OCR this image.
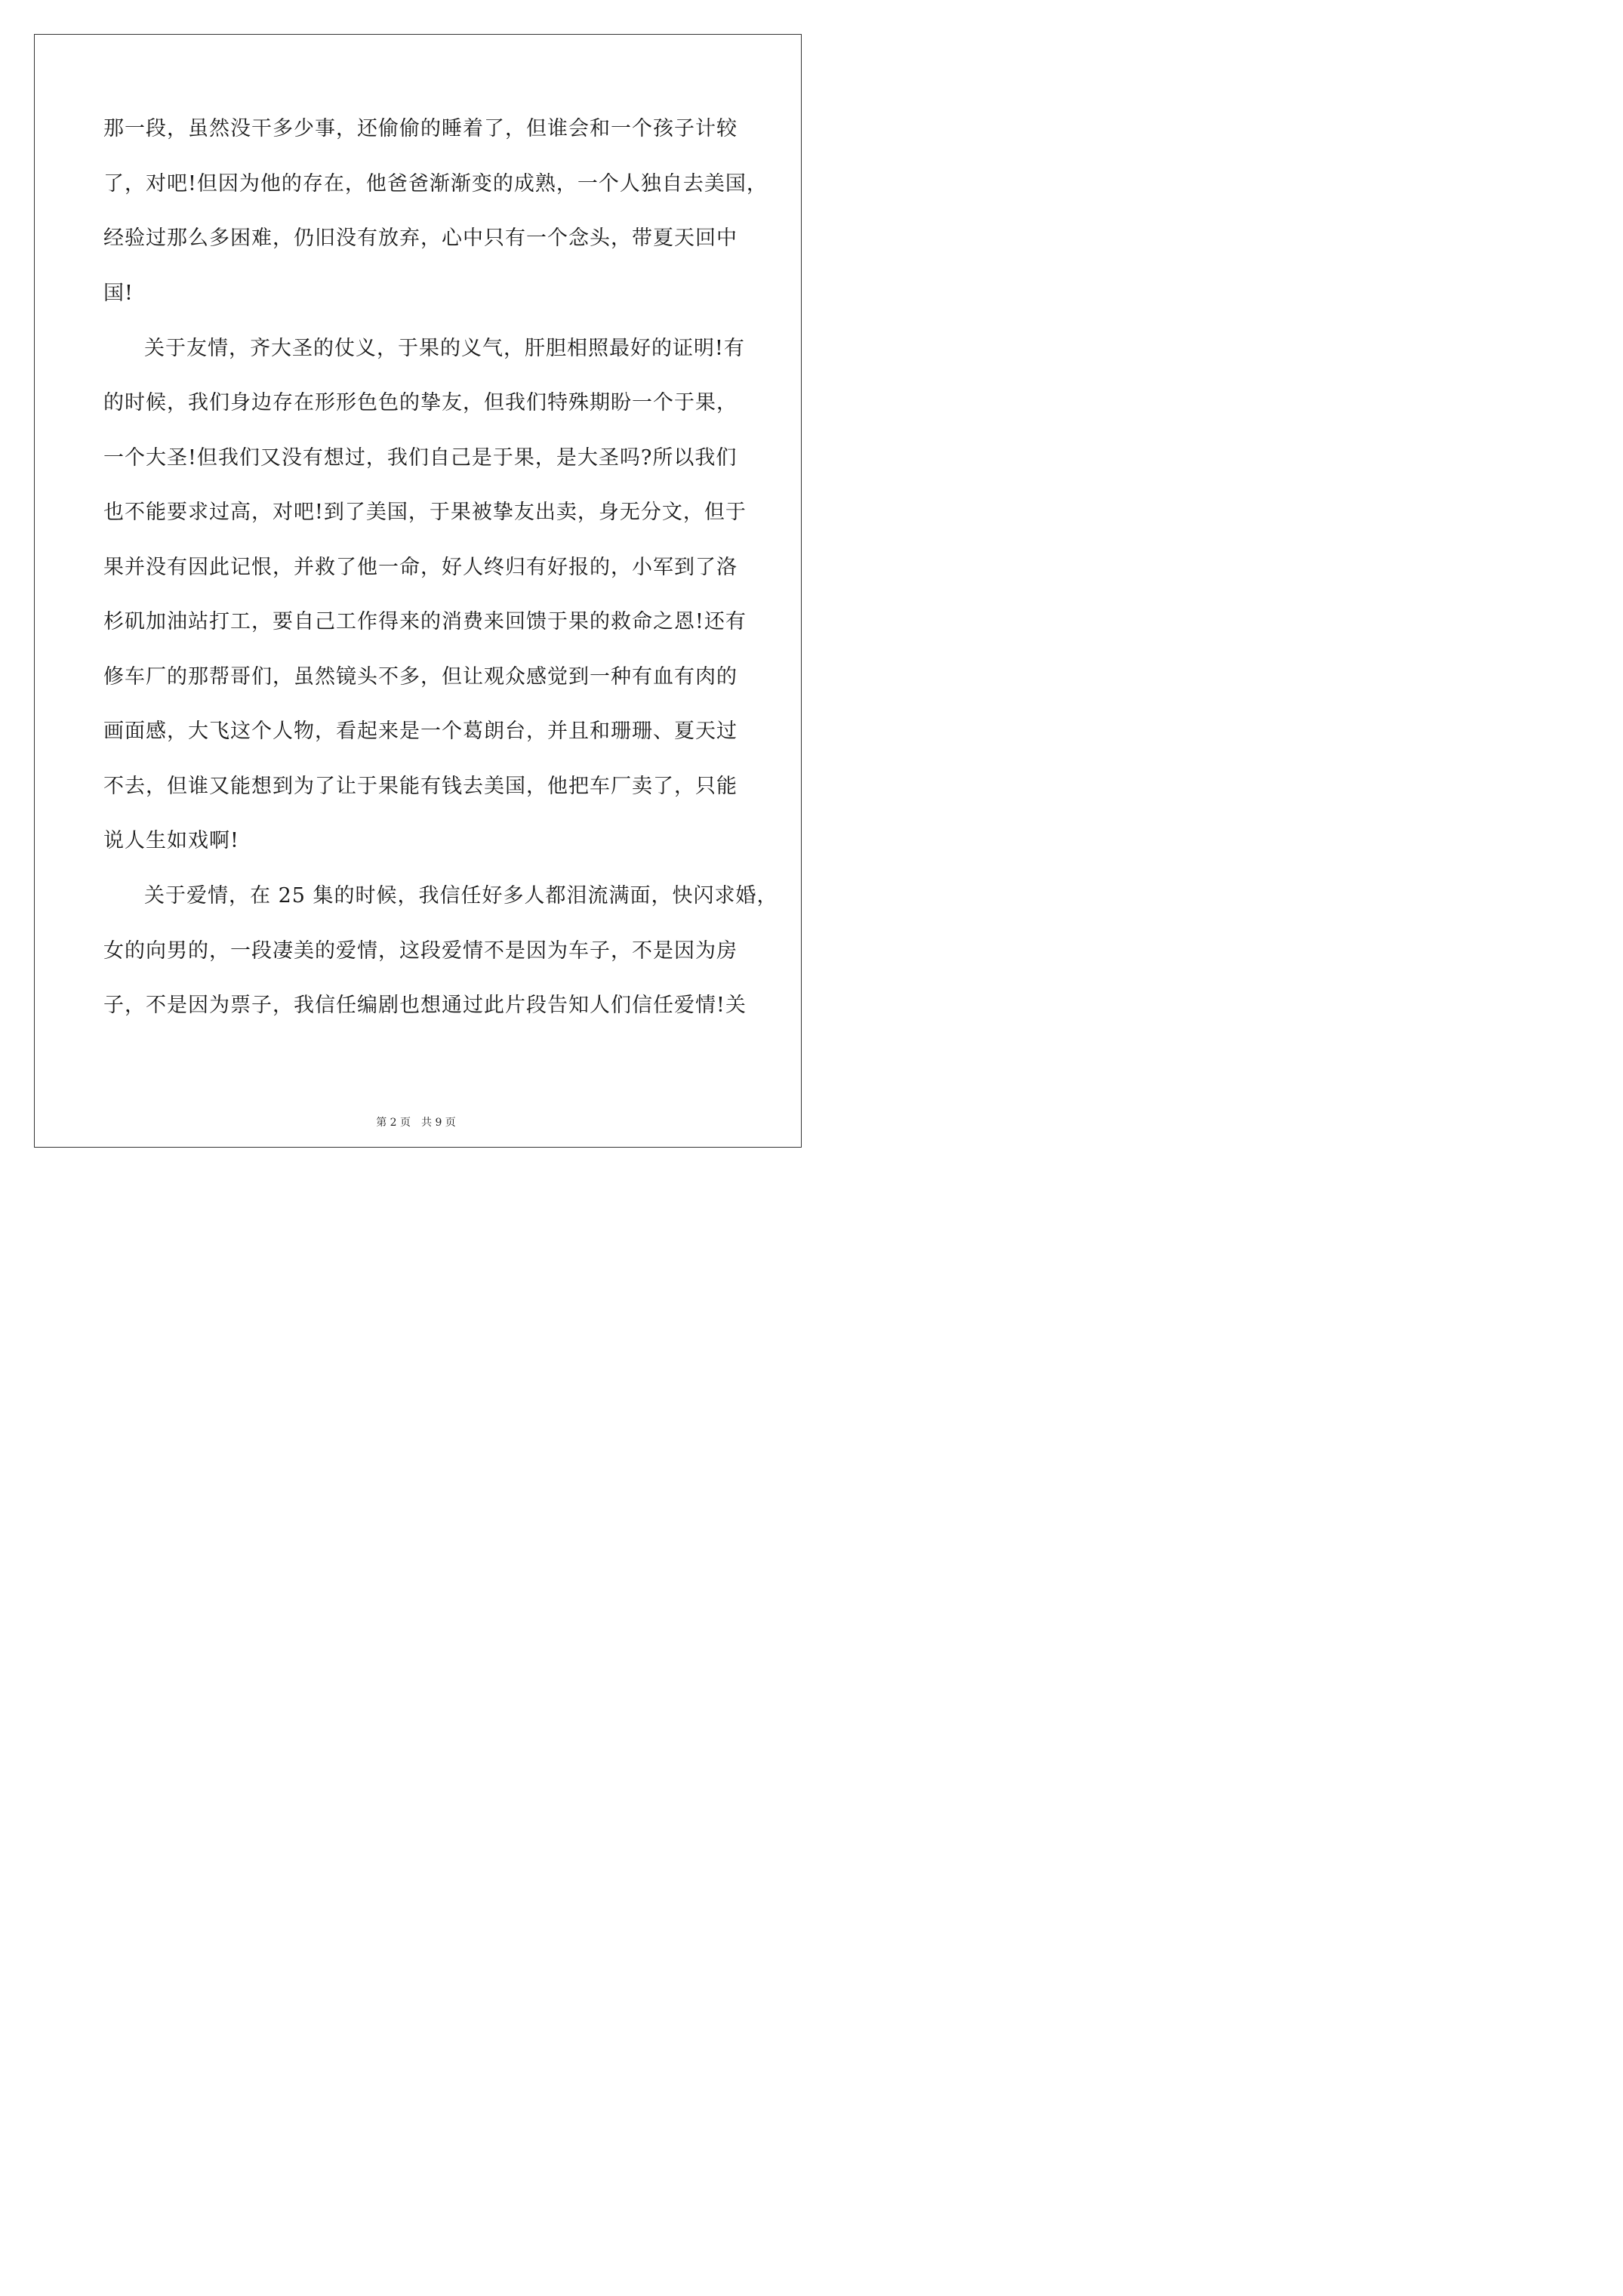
那一段，虽然没干多少事，还偷偷的睡着了，但谁会和一个孩子计较
了，对吧!但因为他的存在，他爸爸渐渐变的成熟，一个人独自去美国，
经验过那么多困难，仍旧没有放弃，心中只有一个念头，带夏天回中
国!
关于友情，齐大圣的仗义，于果的义气，肝胆相照最好的证明!有
的时候，我们身边存在形形色色的挚友，但我们特殊期盼一个于果，
一个大圣!但我们又没有想过，我们自己是于果，是大圣吗?所以我们
也不能要求过高，对吧!到了美国，于果被挚友出卖，身无分文，但于
果并没有因此记恨，并救了他一命，好人终归有好报的，小军到了洛
杉矶加油站打工，要自己工作得来的消费来回馈于果的救命之恩!还有
修车厂的那帮哥们，虽然镜头不多，但让观众感觉到一种有血有肉的
画面感，大飞这个人物，看起来是一个葛朗台，并且和珊珊、夏天过
不去，但谁又能想到为了让于果能有钱去美国，他把车厂卖了，只能
说人生如戏啊!
关于爱情，在 25 集的时候，我信任好多人都泪流满面，快闪求婚，
女的向男的，一段凄美的爱情，这段爱情不是因为车子，不是因为房
子，不是因为票子，我信任编剧也想通过此片段告知人们信任爱情!关
第 2 页 共 9 页
